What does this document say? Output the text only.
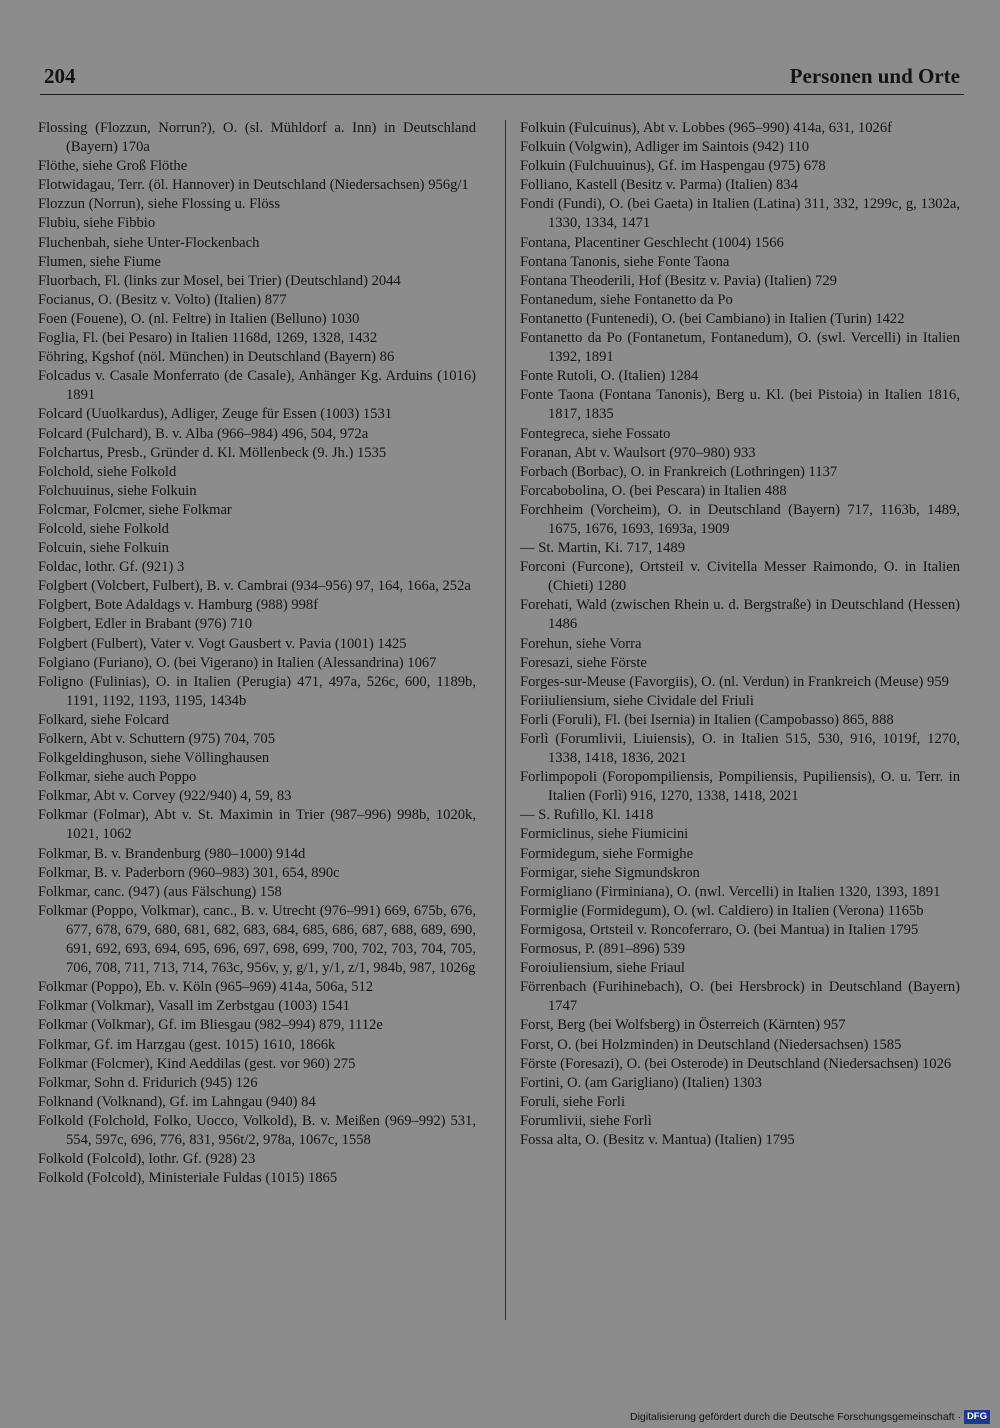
204	Personen und Orte
Flossing (Flozzun, Norrun?), O. (sl. Mühldorf a. Inn) in Deutschland (Bayern) 170a
Flöthe, siehe Groß Flöthe
Flotwidagau, Terr. (öl. Hannover) in Deutschland (Niedersachsen) 956g/1
Flozzun (Norrun), siehe Flossing u. Flöss
Flubiu, siehe Fibbio
Fluchenbah, siehe Unter-Flockenbach
Flumen, siehe Fiume
Fluorbach, Fl. (links zur Mosel, bei Trier) (Deutschland) 2044
Focianus, O. (Besitz v. Volto) (Italien) 877
Foen (Fouene), O. (nl. Feltre) in Italien (Belluno) 1030
Foglia, Fl. (bei Pesaro) in Italien 1168d, 1269, 1328, 1432
Föhring, Kgshof (nöl. München) in Deutschland (Bayern) 86
Folcadus v. Casale Monferrato (de Casale), Anhänger Kg. Arduins (1016) 1891
Folcard (Uuolkardus), Adliger, Zeuge für Essen (1003) 1531
Folcard (Fulchard), B. v. Alba (966–984) 496, 504, 972a
Folchartus, Presb., Gründer d. Kl. Möllenbeck (9. Jh.) 1535
Folchold, siehe Folkold
Folchuuinus, siehe Folkuin
Folcmar, Folcmer, siehe Folkmar
Folcold, siehe Folkold
Folcuin, siehe Folkuin
Foldac, lothr. Gf. (921) 3
Folgbert (Volcbert, Fulbert), B. v. Cambrai (934–956) 97, 164, 166a, 252a
Folgbert, Bote Adaldags v. Hamburg (988) 998f
Folgbert, Edler in Brabant (976) 710
Folgbert (Fulbert), Vater v. Vogt Gausbert v. Pavia (1001) 1425
Folgiano (Furiano), O. (bei Vigerano) in Italien (Alessandrina) 1067
Foligno (Fulinias), O. in Italien (Perugia) 471, 497a, 526c, 600, 1189b, 1191, 1192, 1193, 1195, 1434b
Folkard, siehe Folcard
Folkern, Abt v. Schuttern (975) 704, 705
Folkgeldinghuson, siehe Völlinghausen
Folkmar, siehe auch Poppo
Folkmar, Abt v. Corvey (922/940) 4, 59, 83
Folkmar (Folmar), Abt v. St. Maximin in Trier (987–996) 998b, 1020k, 1021, 1062
Folkmar, B. v. Brandenburg (980–1000) 914d
Folkmar, B. v. Paderborn (960–983) 301, 654, 890c
Folkmar, canc. (947) (aus Fälschung) 158
Folkmar (Poppo, Volkmar), canc., B. v. Utrecht (976–991) 669, 675b, 676, 677, 678, 679, 680, 681, 682, 683, 684, 685, 686, 687, 688, 689, 690, 691, 692, 693, 694, 695, 696, 697, 698, 699, 700, 702, 703, 704, 705, 706, 708, 711, 713, 714, 763c, 956v, y, g/1, y/1, z/1, 984b, 987, 1026g
Folkmar (Poppo), Eb. v. Köln (965–969) 414a, 506a, 512
Folkmar (Volkmar), Vasall im Zerbstgau (1003) 1541
Folkmar (Volkmar), Gf. im Bliesgau (982–994) 879, 1112e
Folkmar, Gf. im Harzgau (gest. 1015) 1610, 1866k
Folkmar (Folcmer), Kind Aeddilas (gest. vor 960) 275
Folkmar, Sohn d. Fridurich (945) 126
Folknand (Volknand), Gf. im Lahngau (940) 84
Folkold (Folchold, Folko, Uocco, Volkold), B. v. Meißen (969–992) 531, 554, 597c, 696, 776, 831, 956t/2, 978a, 1067c, 1558
Folkold (Folcold), lothr. Gf. (928) 23
Folkold (Folcold), Ministeriale Fuldas (1015) 1865
Folkuin (Fulcuinus), Abt v. Lobbes (965–990) 414a, 631, 1026f
Folkuin (Volgwin), Adliger im Saintois (942) 110
Folkuin (Fulchuuinus), Gf. im Haspengau (975) 678
Folliano, Kastell (Besitz v. Parma) (Italien) 834
Fondi (Fundi), O. (bei Gaeta) in Italien (Latina) 311, 332, 1299c, g, 1302a, 1330, 1334, 1471
Fontana, Placentiner Geschlecht (1004) 1566
Fontana Tanonis, siehe Fonte Taona
Fontana Theoderili, Hof (Besitz v. Pavia) (Italien) 729
Fontanedum, siehe Fontanetto da Po
Fontanetto (Funtenedi), O. (bei Cambiano) in Italien (Turin) 1422
Fontanetto da Po (Fontanetum, Fontanedum), O. (swl. Vercelli) in Italien 1392, 1891
Fonte Rutoli, O. (Italien) 1284
Fonte Taona (Fontana Tanonis), Berg u. Kl. (bei Pistoia) in Italien 1816, 1817, 1835
Fontegreca, siehe Fossato
Foranan, Abt v. Waulsort (970–980) 933
Forbach (Borbac), O. in Frankreich (Lothringen) 1137
Forcabobolina, O. (bei Pescara) in Italien 488
Forchheim (Vorcheim), O. in Deutschland (Bayern) 717, 1163b, 1489, 1675, 1676, 1693, 1693a, 1909
— St. Martin, Ki. 717, 1489
Forconi (Furcone), Ortsteil v. Civitella Messer Raimondo, O. in Italien (Chieti) 1280
Forehati, Wald (zwischen Rhein u. d. Bergstraße) in Deutschland (Hessen) 1486
Forehun, siehe Vorra
Foresazi, siehe Förste
Forges-sur-Meuse (Favorgiis), O. (nl. Verdun) in Frankreich (Meuse) 959
Foriiuliensium, siehe Cividale del Friuli
Forli (Foruli), Fl. (bei Isernia) in Italien (Campobasso) 865, 888
Forlì (Forumlivii, Liuiensis), O. in Italien 515, 530, 916, 1019f, 1270, 1338, 1418, 1836, 2021
Forlimpopoli (Foropompiliensis, Pompiliensis, Pupiliensis), O. u. Terr. in Italien (Forlì) 916, 1270, 1338, 1418, 2021
— S. Rufillo, Kl. 1418
Formiclinus, siehe Fiumicini
Formidegum, siehe Formighe
Formigar, siehe Sigmundskron
Formigliano (Firminiana), O. (nwl. Vercelli) in Italien 1320, 1393, 1891
Formiglie (Formidegum), O. (wl. Caldiero) in Italien (Verona) 1165b
Formigosa, Ortsteil v. Roncoferraro, O. (bei Mantua) in Italien 1795
Formosus, P. (891–896) 539
Foroiuliensium, siehe Friaul
Förrenbach (Furihinebach), O. (bei Hersbrock) in Deutschland (Bayern) 1747
Forst, Berg (bei Wolfsberg) in Österreich (Kärnten) 957
Forst, O. (bei Holzminden) in Deutschland (Niedersachsen) 1585
Förste (Foresazi), O. (bei Osterode) in Deutschland (Niedersachsen) 1026
Fortini, O. (am Garigliano) (Italien) 1303
Foruli, siehe Forli
Forumlivii, siehe Forlì
Fossa alta, O. (Besitz v. Mantua) (Italien) 1795
Digitalisierung gefördert durch die Deutsche Forschungsgemeinschaft · DFG
